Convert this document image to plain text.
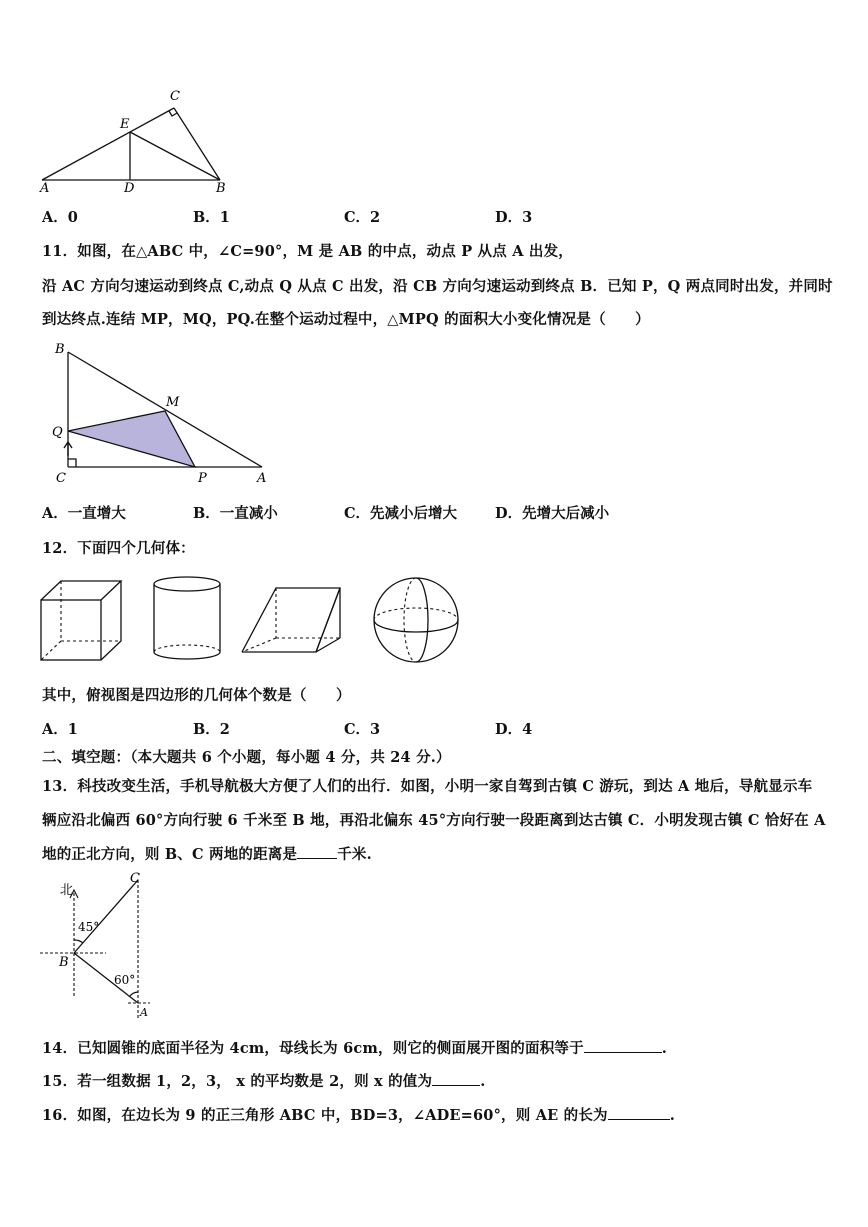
C
E
A	D	B
A．0	B．1	C．2	D．3
11．如图，在△ABC 中，∠C=90°，M 是 AB 的中点，动点 P 从点 A 出发，
沿 AC 方向匀速运动到终点 C,动点 Q 从点 C 出发，沿 CB 方向匀速运动到终点 B．已知 P，Q 两点同时出发，并同时
到达终点.连结 MP，MQ，PQ.在整个运动过程中，△MPQ 的面积大小变化情况是（　　）
B
M
Q
C	P	A
A．一直增大	B．一直减小	C．先减小后增大	D．先增大后减小
12．下面四个几何体：
其中，俯视图是四边形的几何体个数是（　　）
A．1	B．2	C．3	D．4
二、填空题：（本大题共 6 个小题，每小题 4 分，共 24 分.）
13．科技改变生活，手机导航极大方便了人们的出行．如图，小明一家自驾到古镇 C 游玩，到达 A 地后，导航显示车
辆应沿北偏西 60°方向行驶 6 千米至 B 地，再沿北偏东 45°方向行驶一段距离到达古镇 C．小明发现古镇 C 恰好在 A
地的正北方向，则 B、C 两地的距离是	千米.
北
45°
60°
B
C
A
14．已知圆锥的底面半径为 4cm，母线长为 6cm，则它的侧面展开图的面积等于	.
15．若一组数据 1，2，3， x 的平均数是 2，则 x 的值为	.
16．如图，在边长为 9 的正三角形 ABC 中，BD=3，∠ADE=60°，则 AE 的长为	.
